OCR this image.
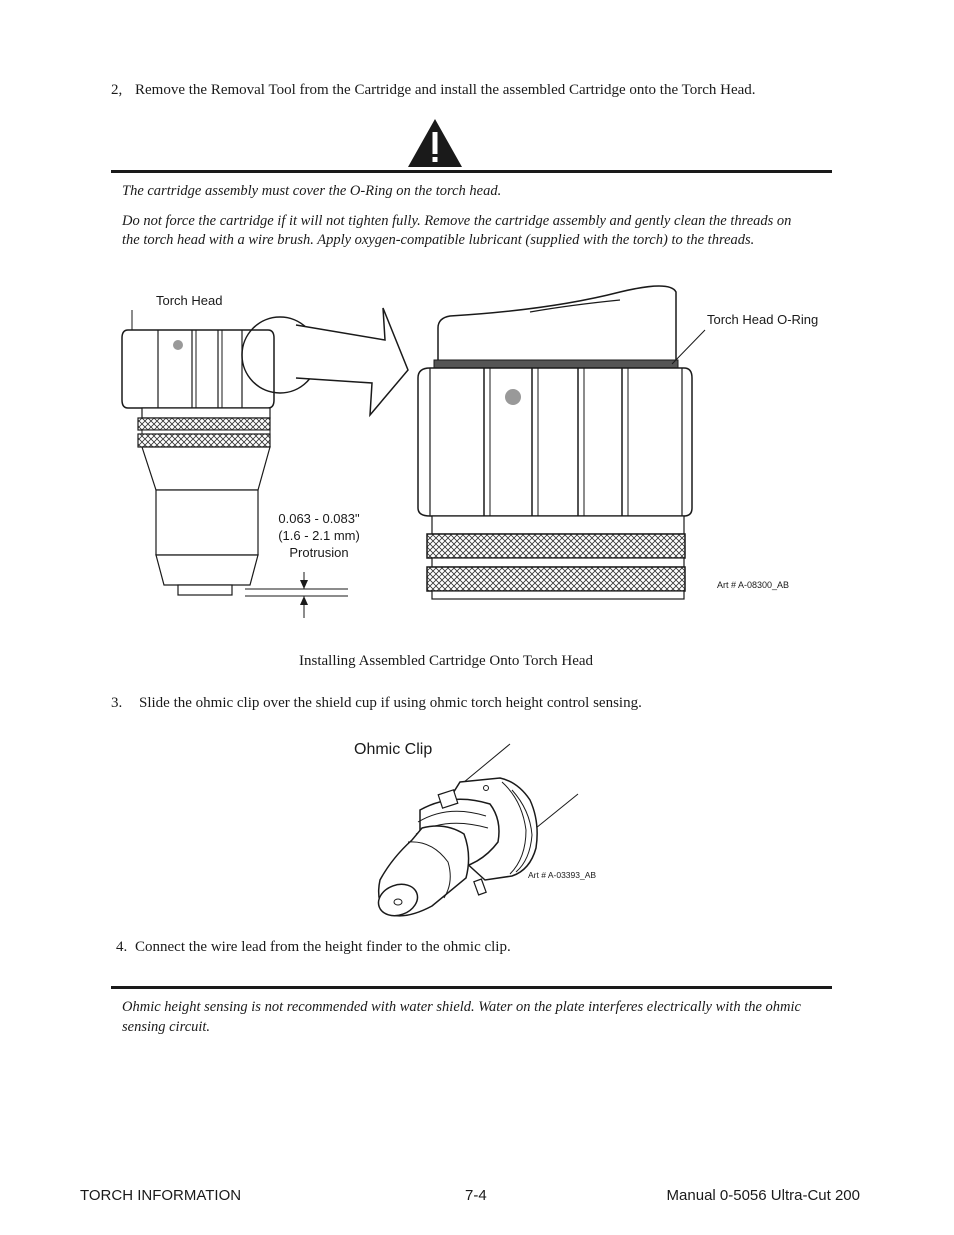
2, Remove the Removal Tool from the Cartridge and install the assembled Cartridge onto the Torch Head.
The cartridge assembly must cover the O-Ring on the torch head.
Do not force the cartridge if it will not tighten fully. Remove the cartridge assembly and gently clean the threads on
the torch head with a wire brush. Apply oxygen-compatible lubricant (supplied with the torch) to the threads.
Torch Head
Torch Head O-Ring
0.063 - 0.083"
(1.6 - 2.1 mm)
Protrusion
Art # A-08300_AB
Installing Assembled Cartridge Onto Torch Head
3. Slide the ohmic clip over the shield cup if using ohmic torch height control sensing.
Ohmic Clip
Art # A-03393_AB
4. Connect the wire lead from the height finder to the ohmic clip.
Ohmic height sensing is not recommended with water shield. Water on the plate interferes electrically with the ohmic
sensing circuit.
TORCH INFORMATION	7-4	Manual 0-5056 Ultra-Cut 200
